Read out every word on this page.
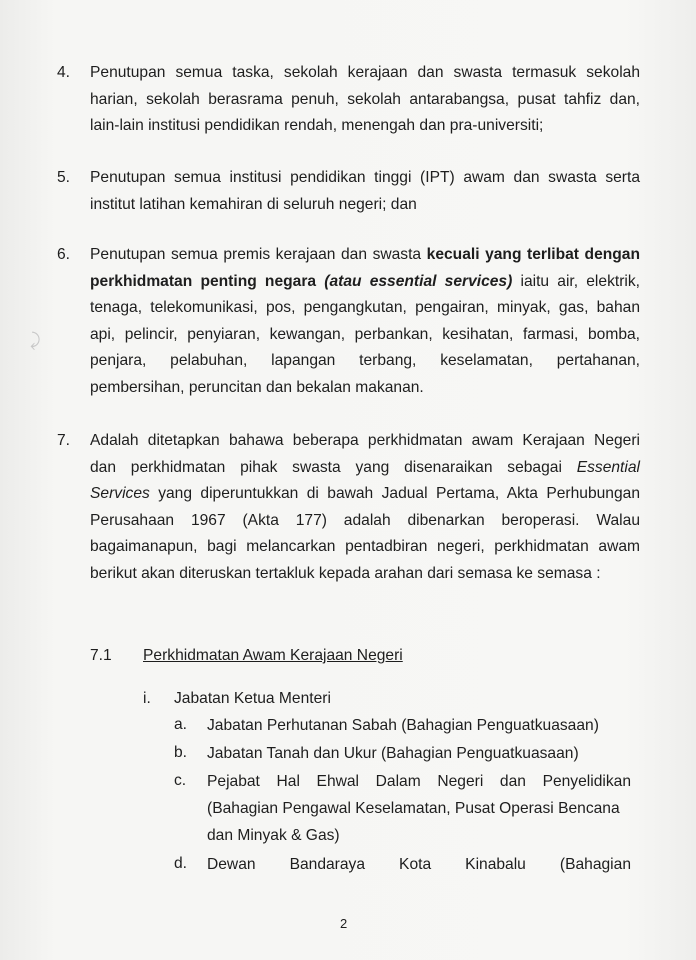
4. Penutupan semua taska, sekolah kerajaan dan swasta termasuk sekolah
harian, sekolah berasrama penuh, sekolah antarabangsa, pusat tahfiz dan,
lain-lain institusi pendidikan rendah, menengah dan pra-universiti;
5. Penutupan semua institusi pendidikan tinggi (IPT) awam dan swasta serta
institut latihan kemahiran di seluruh negeri; dan
6. Penutupan semua premis kerajaan dan swasta kecuali yang terlibat dengan
perkhidmatan penting negara (atau essential services) iaitu air, elektrik,
tenaga, telekomunikasi, pos, pengangkutan, pengairan, minyak, gas, bahan
api, pelincir, penyiaran, kewangan, perbankan, kesihatan, farmasi, bomba,
penjara, pelabuhan, lapangan terbang, keselamatan, pertahanan,
pembersihan, peruncitan dan bekalan makanan.
7. Adalah ditetapkan bahawa beberapa perkhidmatan awam Kerajaan Negeri
dan perkhidmatan pihak swasta yang disenaraikan sebagai Essential
Services yang diperuntukkan di bawah Jadual Pertama, Akta Perhubungan
Perusahaan 1967 (Akta 177) adalah dibenarkan beroperasi. Walau
bagaimanapun, bagi melancarkan pentadbiran negeri, perkhidmatan awam
berikut akan diteruskan tertakluk kepada arahan dari semasa ke semasa :
7.1 Perkhidmatan Awam Kerajaan Negeri
i. Jabatan Ketua Menteri
a. Jabatan Perhutanan Sabah (Bahagian Penguatkuasaan)
b. Jabatan Tanah dan Ukur (Bahagian Penguatkuasaan)
c. Pejabat Hal Ehwal Dalam Negeri dan Penyelidikan
(Bahagian Pengawal Keselamatan, Pusat Operasi Bencana
dan Minyak & Gas)
d. Dewan Bandaraya Kota Kinabalu (Bahagian
2
⤸
